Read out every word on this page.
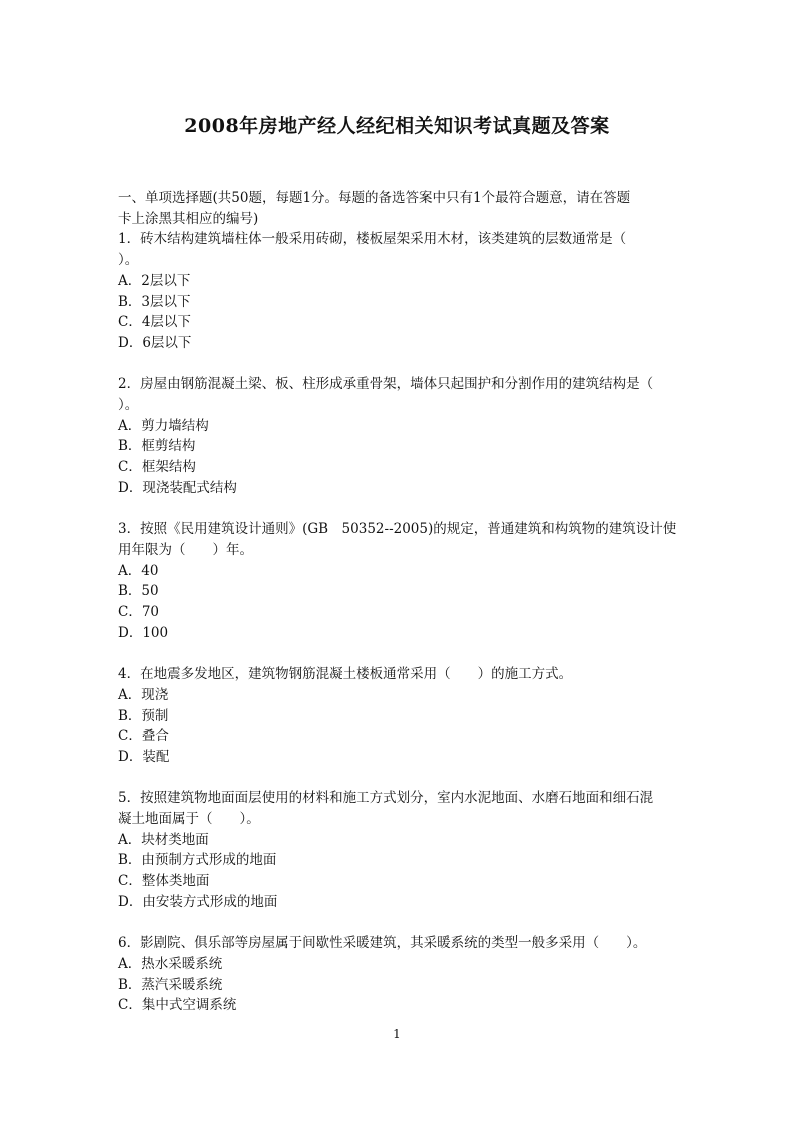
2008年房地产经人经纪相关知识考试真题及答案
一、单项选择题(共50题，每题1分。每题的备选答案中只有1个最符合题意，请在答题
卡上涂黑其相应的编号)
1．砖木结构建筑墙柱体一般采用砖砌，楼板屋架采用木材，该类建筑的层数通常是（
）。
A．2层以下
B．3层以下
C．4层以下
D．6层以下
2．房屋由钢筋混凝土梁、板、柱形成承重骨架，墙体只起围护和分割作用的建筑结构是（
）。
A．剪力墙结构
B．框剪结构
C．框架结构
D．现浇装配式结构
3．按照《民用建筑设计通则》(GB　50352--2005)的规定，普通建筑和构筑物的建筑设计使
用年限为（　　）年。
A．40
B．50
C．70
D．100
4．在地震多发地区，建筑物钢筋混凝土楼板通常采用（　　）的施工方式。
A．现浇
B．预制
C．叠合
D．装配
5．按照建筑物地面面层使用的材料和施工方式划分，室内水泥地面、水磨石地面和细石混
凝土地面属于（　　）。
A．块材类地面
B．由预制方式形成的地面
C．整体类地面
D．由安装方式形成的地面
6．影剧院、俱乐部等房屋属于间歇性采暖建筑，其采暖系统的类型一般多采用（　　）。
A．热水采暖系统
B．蒸汽采暖系统
C．集中式空调系统
1
